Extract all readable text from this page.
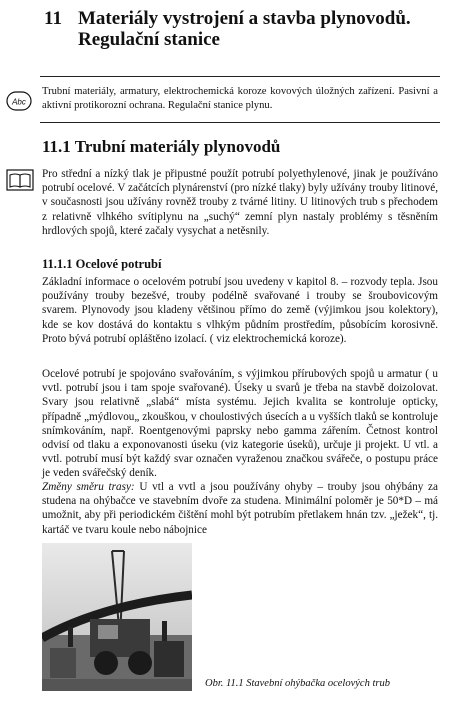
11 Materiály vystrojení a stavba plynovodů. Regulační stanice
Abc
Trubní materiály, armatury, elektrochemická koroze kovových úložných zařízení. Pasivní a aktivní protikorozní ochrana. Regulační stanice plynu.
11.1 Trubní materiály plynovodů
Pro střední a nízký tlak je připustné použít potrubí polyethylenové, jinak je používáno potrubí ocelové. V začátcích plynárenství (pro nízké tlaky) byly užívány trouby litinové, v současnosti jsou užívány rovněž trouby z tvárné litiny. U litinových trub s přechodem z relativně vlhkého svítiplynu na „suchý“ zemní plyn nastaly problémy s těsněním hrdlových spojů, které začaly vysychat a netěsnily.
11.1.1 Ocelové potrubí
Základní informace o ocelovém potrubí jsou uvedeny v kapitol 8. – rozvody tepla. Jsou používány trouby bezešvé, trouby podélně svařované i trouby se šroubovicovým svarem. Plynovody jsou kladeny většinou přímo do země (výjimkou jsou kolektory), kde se kov dostává do kontaktu s vlhkým půdním prostředím, působícím korosivně. Proto bývá potrubí opláštěno izolací. ( viz elektrochemická koroze).
Ocelové potrubí je spojováno svařováním, s výjimkou přírubových spojů u armatur ( u vvtl. potrubí jsou i tam spoje svařované). Úseky u svarů je třeba na stavbě doizolovat. Svary jsou relativně „slabá“ místa systému. Jejich kvalita se kontroluje opticky, případně „mýdlovou„ zkouškou, v choulostivých úsecích a u vyšších tlaků se kontroluje snímkováním, např. Roentgenovými paprsky nebo gamma zářením. Četnost kontrol odvisí od tlaku a exponovanosti úseku (viz kategorie úseků), určuje ji projekt. U vtl. a vvtl. potrubí musí být každý svar označen vyraženou značkou svářeče, o postupu práce je veden svářečský deník.
Změny směru trasy: U vtl a vvtl a jsou používány ohyby – trouby jsou ohýbány za studena na ohýbačce ve stavebním dvoře za studena. Minimální poloměr je 50*D – má umožnit, aby při periodickém čištění mohl být potrubím přetlakem hnán tzv. „ježek“, tj. kartáč ve tvaru koule nebo nábojnice
Obr. 11.1 Stavební ohýbačka ocelových trub
